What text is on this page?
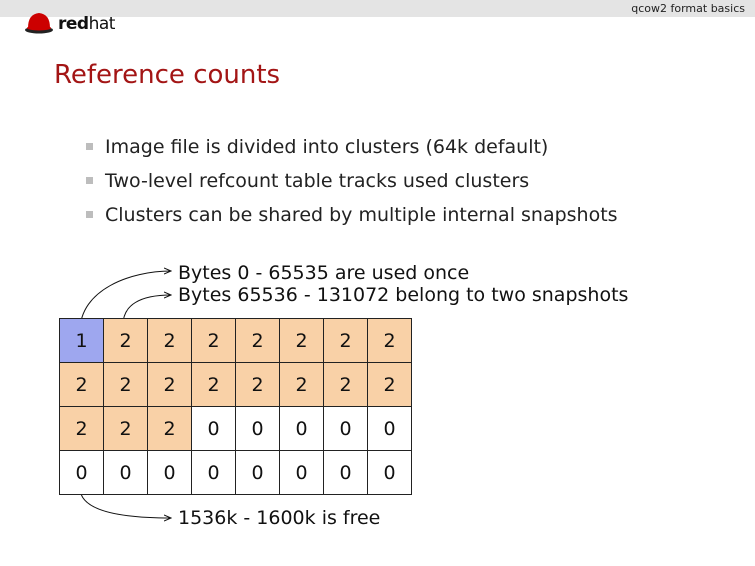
qcow2 format basics
redhat
Reference counts
Image file is divided into clusters (64k default)
Two-level refcount table tracks used clusters
Clusters can be shared by multiple internal snapshots
Bytes 0 - 65535 are used once
Bytes 65536 - 131072 belong to two snapshots
1536k - 1600k is free
1	2	2	2	2	2	2	2
2	2	2	2	2	2	2	2
2	2	2	0	0	0	0	0
0	0	0	0	0	0	0	0
